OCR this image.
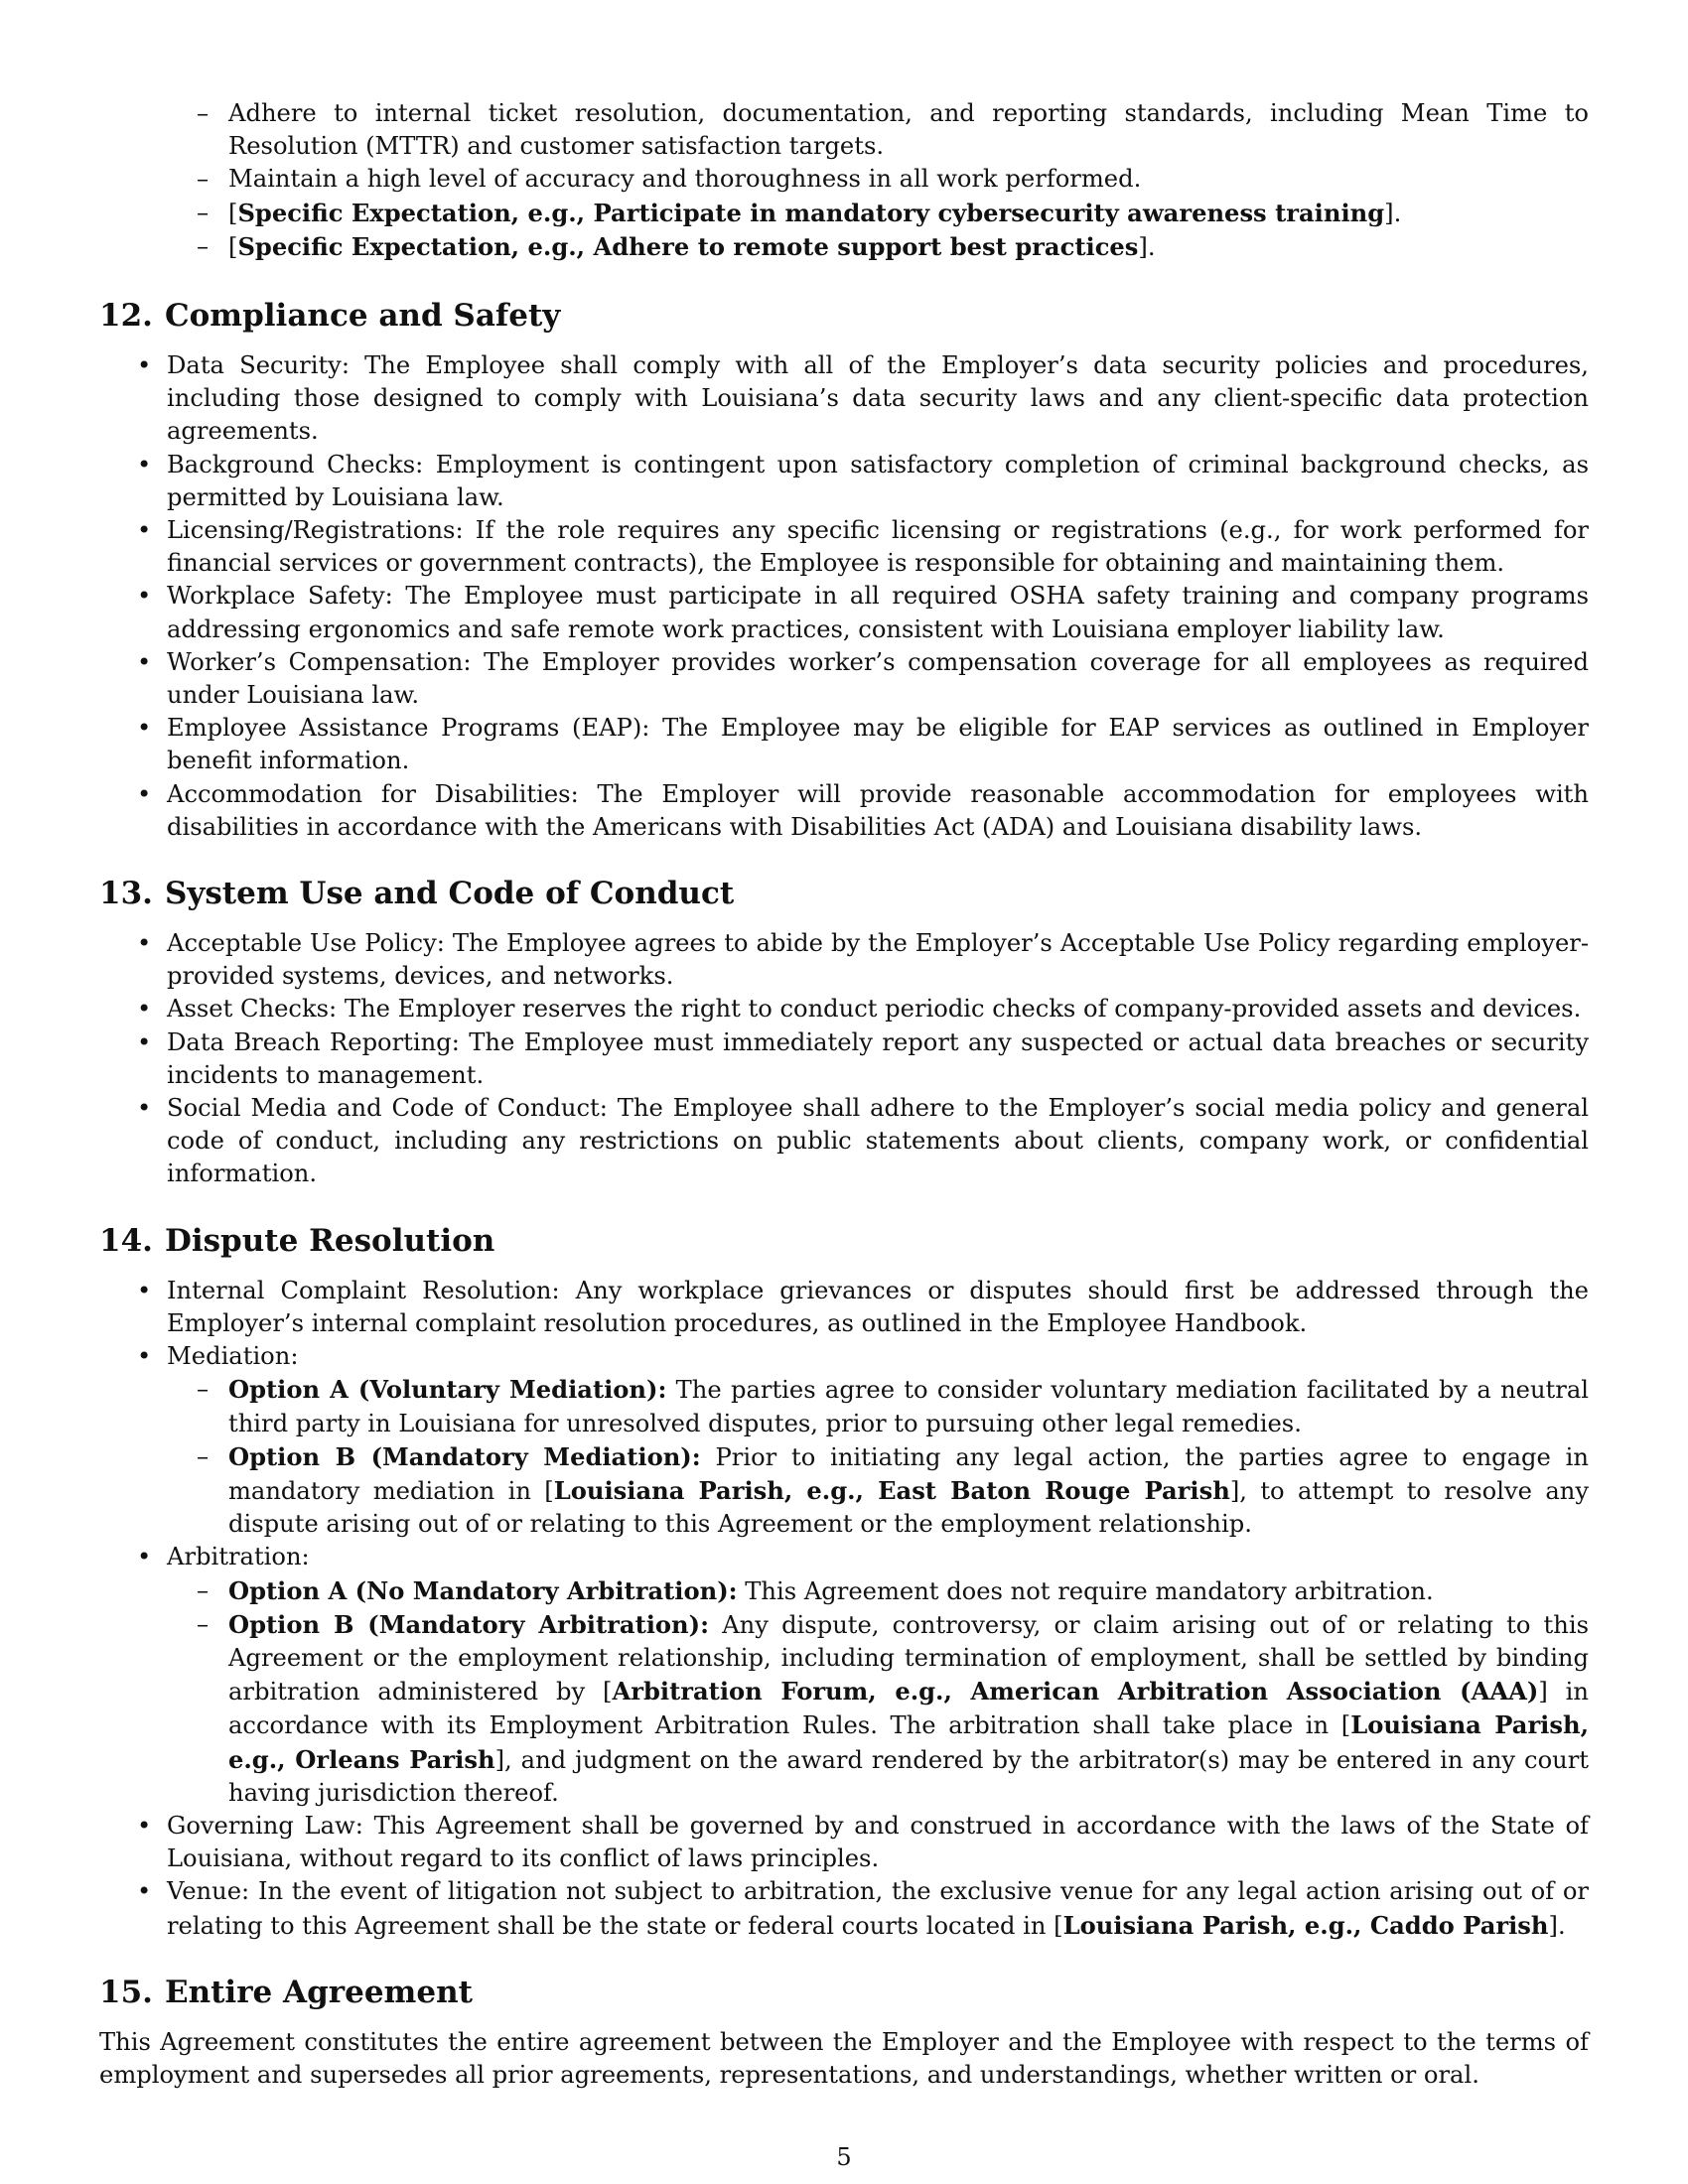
– Adhere to internal ticket resolution, documentation, and reporting standards, including Mean Time to Resolution (MTTR) and customer satisfaction targets.
– Maintain a high level of accuracy and thoroughness in all work performed.
– [Specific Expectation, e.g., Participate in mandatory cybersecurity awareness training].
– [Specific Expectation, e.g., Adhere to remote support best practices].
12. Compliance and Safety
• Data Security: The Employee shall comply with all of the Employer’s data security policies and procedures, including those designed to comply with Louisiana’s data security laws and any client-specific data protection agreements.
• Background Checks: Employment is contingent upon satisfactory completion of criminal background checks, as permitted by Louisiana law.
• Licensing/Registrations: If the role requires any specific licensing or registrations (e.g., for work performed for financial services or government contracts), the Employee is responsible for obtaining and maintaining them.
• Workplace Safety: The Employee must participate in all required OSHA safety training and company programs addressing ergonomics and safe remote work practices, consistent with Louisiana employer liability law.
• Worker’s Compensation: The Employer provides worker’s compensation coverage for all employees as required under Louisiana law.
• Employee Assistance Programs (EAP): The Employee may be eligible for EAP services as outlined in Employer benefit information.
• Accommodation for Disabilities: The Employer will provide reasonable accommodation for employees with disabilities in accordance with the Americans with Disabilities Act (ADA) and Louisiana disability laws.
13. System Use and Code of Conduct
• Acceptable Use Policy: The Employee agrees to abide by the Employer’s Acceptable Use Policy regarding employer-provided systems, devices, and networks.
• Asset Checks: The Employer reserves the right to conduct periodic checks of company-provided assets and devices.
• Data Breach Reporting: The Employee must immediately report any suspected or actual data breaches or security incidents to management.
• Social Media and Code of Conduct: The Employee shall adhere to the Employer’s social media policy and general code of conduct, including any restrictions on public statements about clients, company work, or confidential information.
14. Dispute Resolution
• Internal Complaint Resolution: Any workplace grievances or disputes should first be addressed through the Employer’s internal complaint resolution procedures, as outlined in the Employee Handbook.
• Mediation:
– Option A (Voluntary Mediation): The parties agree to consider voluntary mediation facilitated by a neutral third party in Louisiana for unresolved disputes, prior to pursuing other legal remedies.
– Option B (Mandatory Mediation): Prior to initiating any legal action, the parties agree to engage in mandatory mediation in [Louisiana Parish, e.g., East Baton Rouge Parish], to attempt to resolve any dispute arising out of or relating to this Agreement or the employment relationship.
• Arbitration:
– Option A (No Mandatory Arbitration): This Agreement does not require mandatory arbitration.
– Option B (Mandatory Arbitration): Any dispute, controversy, or claim arising out of or relating to this Agreement or the employment relationship, including termination of employment, shall be settled by binding arbitration administered by [Arbitration Forum, e.g., American Arbitration Association (AAA)] in accordance with its Employment Arbitration Rules. The arbitration shall take place in [Louisiana Parish, e.g., Orleans Parish], and judgment on the award rendered by the arbitrator(s) may be entered in any court having jurisdiction thereof.
• Governing Law: This Agreement shall be governed by and construed in accordance with the laws of the State of Louisiana, without regard to its conflict of laws principles.
• Venue: In the event of litigation not subject to arbitration, the exclusive venue for any legal action arising out of or relating to this Agreement shall be the state or federal courts located in [Louisiana Parish, e.g., Caddo Parish].
15. Entire Agreement

This Agreement constitutes the entire agreement between the Employer and the Employee with respect to the terms of employment and supersedes all prior agreements, representations, and understandings, whether written or oral.

5
